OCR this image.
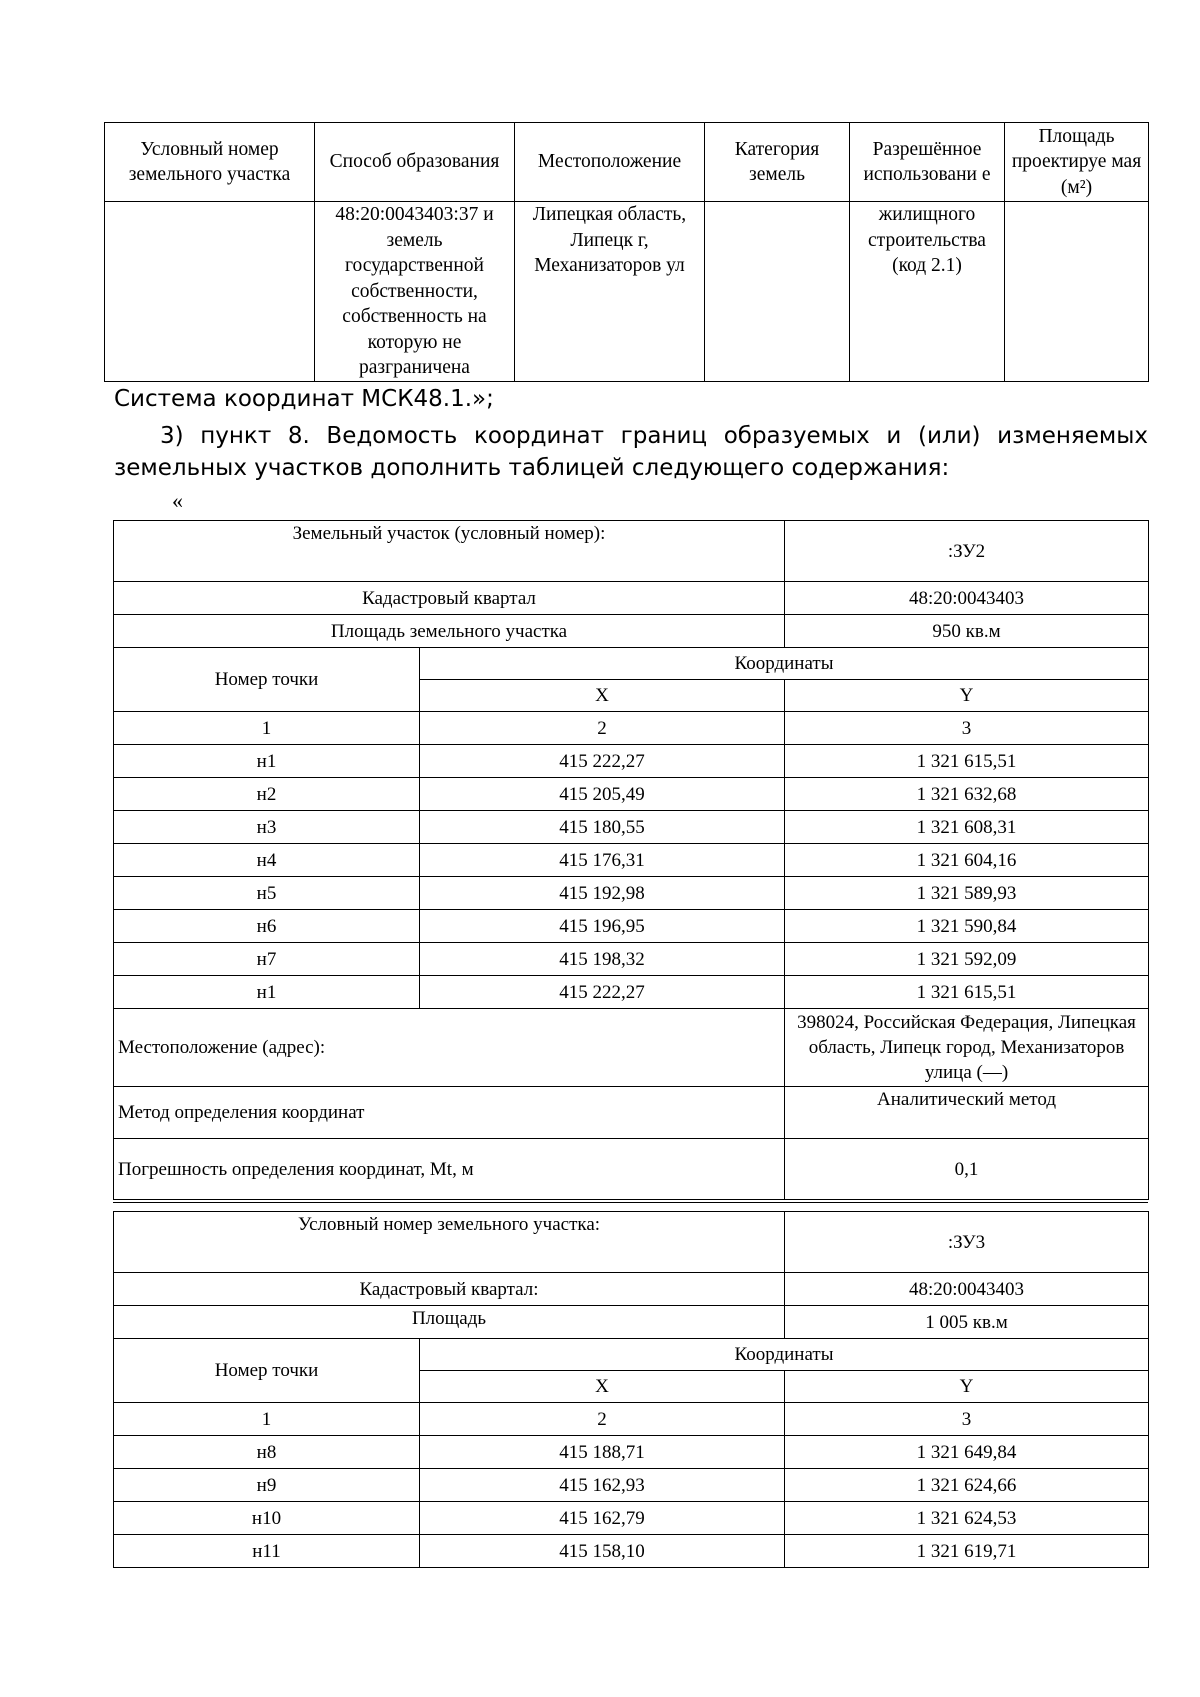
Условный номер земельного участка	Способ образования	Местоположение	Категория земель	Разрешённое использовани е	Площадь проектируе мая (м²)
	48:20:0043403:37 и земель государственной собственности, собственность на которую не разграничена	Липецкая область, Липецк г, Механизаторов ул		жилищного строительства (код 2.1)	
Система координат МСК48.1.»;
3) пункт 8. Ведомость координат границ образуемых и (или) изменяемых
земельных участков дополнить таблицей следующего содержания:
«
Земельный участок (условный номер):		:ЗУ2
Кадастровый квартал		48:20:0043403
Площадь земельного участка		950 кв.м
Номер точки	Координаты	
	X	Y
1	2	3
н1	415 222,27	1 321 615,51
н2	415 205,49	1 321 632,68
н3	415 180,55	1 321 608,31
н4	415 176,31	1 321 604,16
н5	415 192,98	1 321 589,93
н6	415 196,95	1 321 590,84
н7	415 198,32	1 321 592,09
н1	415 222,27	1 321 615,51
Местоположение (адрес):		398024, Российская Федерация, Липецкая область, Липецк город, Механизаторов улица (—)
Метод определения координат		Аналитический метод
Погрешность определения координат, Mt, м		0,1
Условный номер земельного участка:		:ЗУ3
Кадастровый квартал:		48:20:0043403
Площадь		1 005 кв.м
Номер точки	Координаты	
	X	Y
1	2	3
н8	415 188,71	1 321 649,84
н9	415 162,93	1 321 624,66
н10	415 162,79	1 321 624,53
н11	415 158,10	1 321 619,71
